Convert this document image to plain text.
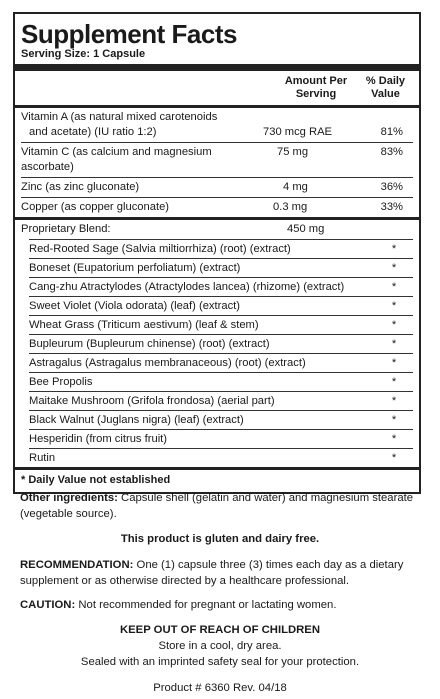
Supplement Facts
Serving Size: 1 Capsule
Amount Per Serving
% Daily Value
Vitamin A (as natural mixed carotenoids
and acetate) (IU ratio 1:2)	730 mcg RAE	81%
Vitamin C (as calcium and magnesium ascorbate)
75 mg	83%
Zinc (as zinc gluconate)	4 mg	36%
Copper (as copper gluconate)	0.3 mg	33%
Proprietary Blend:	450 mg
Red-Rooted Sage (Salvia miltiorrhiza) (root) (extract)	*
Boneset (Eupatorium perfoliatum) (extract)	*
Cang-zhu Atractylodes (Atractylodes lancea) (rhizome) (extract)	*
Sweet Violet (Viola odorata) (leaf) (extract)	*
Wheat Grass (Triticum aestivum) (leaf & stem)	*
Bupleurum (Bupleurum chinense) (root) (extract)	*
Astragalus (Astragalus membranaceous) (root) (extract)	*
Bee Propolis	*
Maitake Mushroom (Grifola frondosa) (aerial part)	*
Black Walnut (Juglans nigra) (leaf) (extract)	*
Hesperidin (from citrus fruit)	*
Rutin	*
* Daily Value not established
Other ingredients: Capsule shell (gelatin and water) and magnesium stearate (vegetable source).
This product is gluten and dairy free.
RECOMMENDATION: One (1) capsule three (3) times each day as a dietary supplement or as otherwise directed by a healthcare professional.
CAUTION: Not recommended for pregnant or lactating women.
KEEP OUT OF REACH OF CHILDREN
Store in a cool, dry area.
Sealed with an imprinted safety seal for your protection.
Product # 6360 Rev. 04/18
